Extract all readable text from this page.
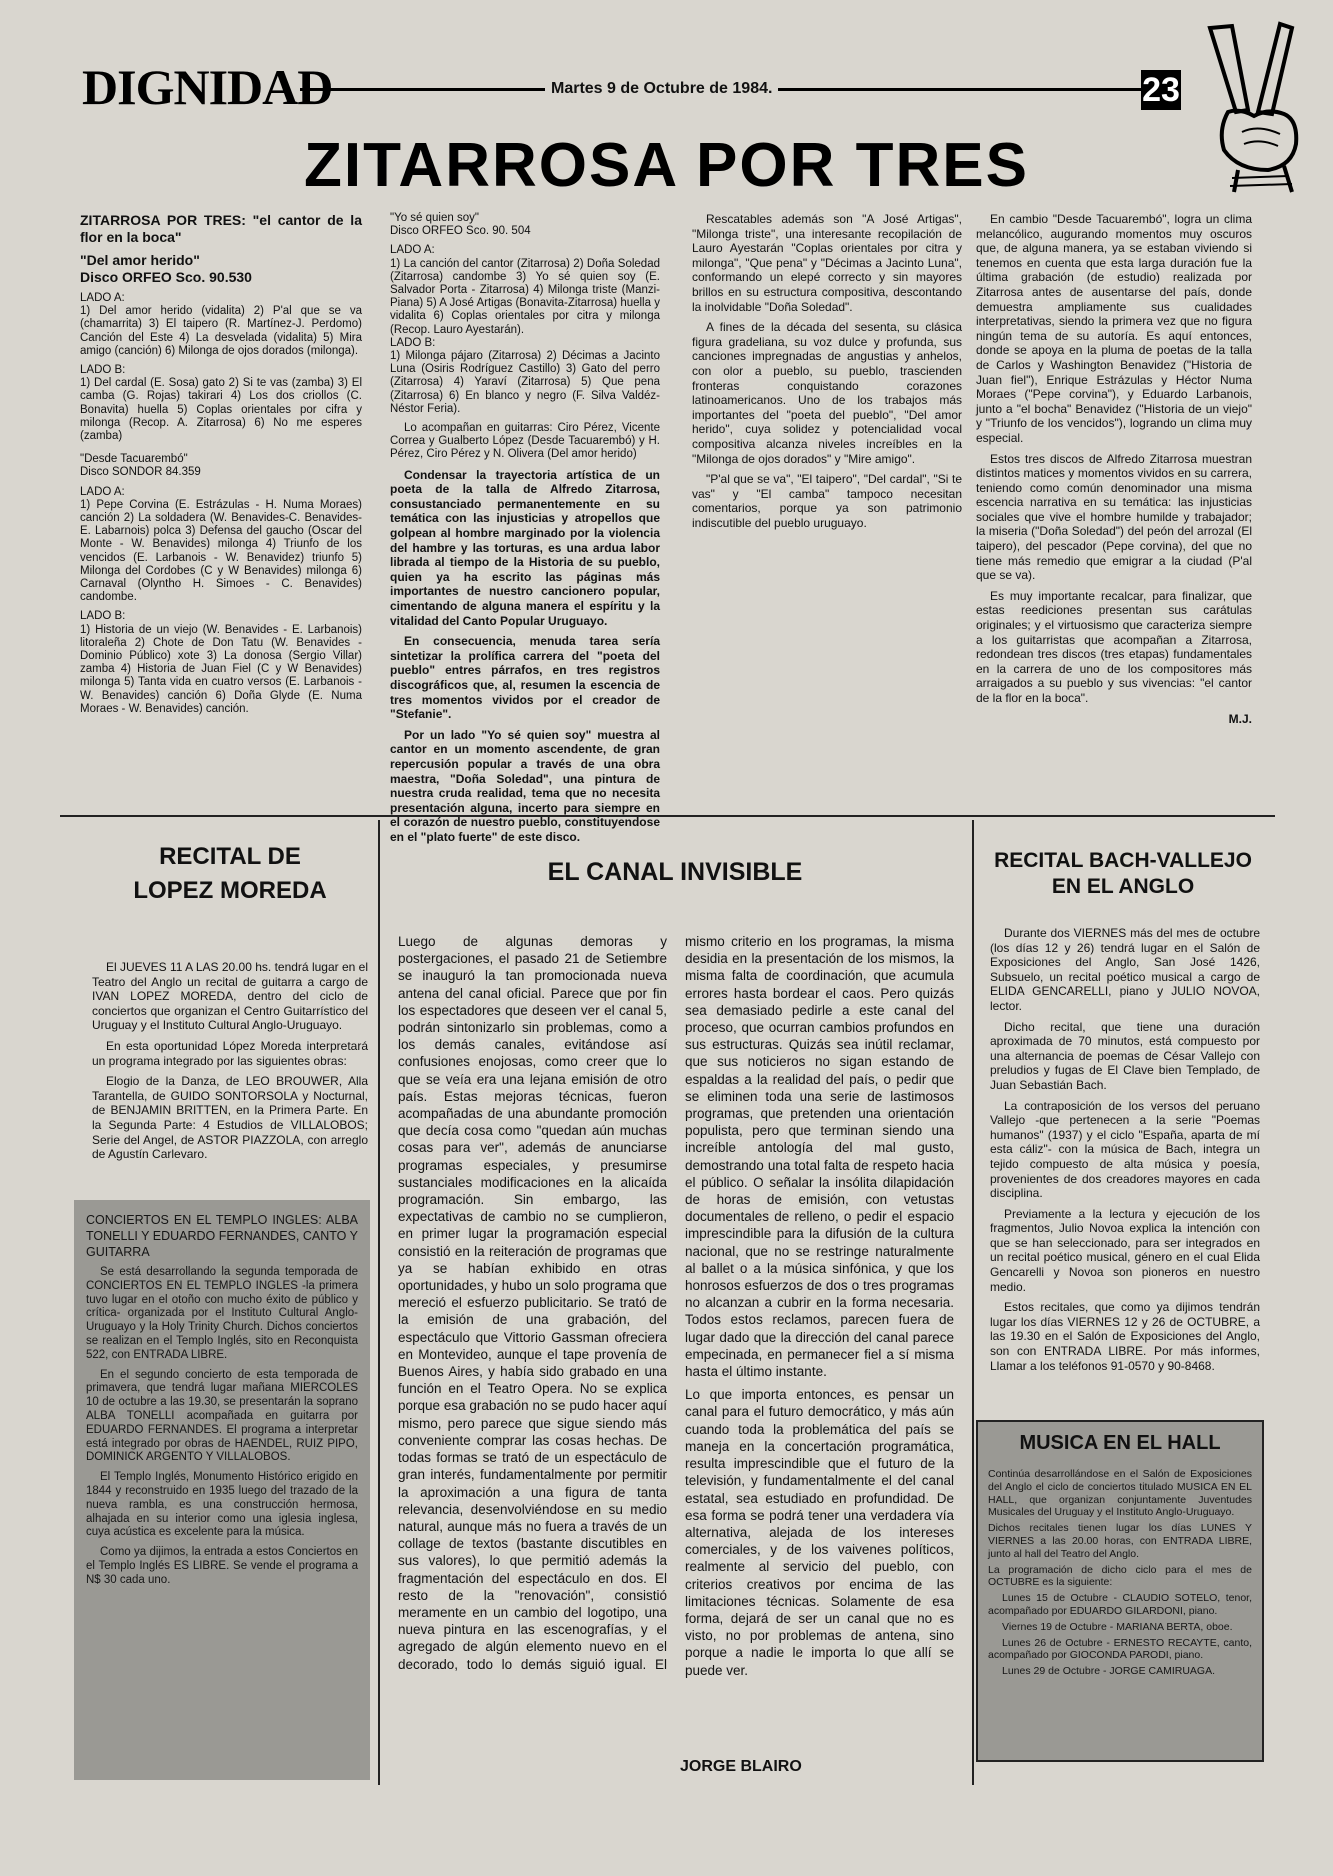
DIGNIDAD	Martes 9 de Octubre de 1984.	23
ZITARROSA POR TRES

ZITARROSA POR TRES: "el cantor de la flor en la boca"

"Del amor herido"

Disco ORFEO Sco. 90.530

LADO A:

1) Del amor herido (vidalita) 2) P'al que se va (chamarrita) 3) El taipero (R. Martínez-J. Perdomo) Canción del Este 4) La desvelada (vidalita) 5) Mira amigo (canción) 6) Milonga de ojos dorados (milonga).

LADO B:

1) Del cardal (E. Sosa) gato 2) Si te vas (zamba) 3) El camba (G. Rojas) takirari 4) Los dos criollos (C. Bonavita) huella 5) Coplas orientales por cifra y milonga (Recop. A. Zitarrosa) 6) No me esperes (zamba)

"Desde Tacuarembó"

Disco SONDOR 84.359

LADO A:

1) Pepe Corvina (E. Estrázulas - H. Numa Moraes) canción 2) La soldadera (W. Benavides-C. Benavides-E. Labarnois) polca 3) Defensa del gaucho (Oscar del Monte - W. Benavides) milonga 4) Triunfo de los vencidos (E. Larbanois - W. Benavidez) triunfo 5) Milonga del Cordobes (C y W Benavides) milonga 6) Carnaval (Olyntho H. Simoes - C. Benavides) candombe.

LADO B:

1) Historia de un viejo (W. Benavides - E. Larbanois) litoraleña 2) Chote de Don Tatu (W. Benavides - Dominio Público) xote 3) La donosa (Sergio Villar) zamba 4) Historia de Juan Fiel (C y W Benavides) milonga 5) Tanta vida en cuatro versos (E. Larbanois - W. Benavides) canción 6) Doña Glyde (E. Numa Moraes - W. Benavides) canción.

"Yo sé quien soy"

Disco ORFEO Sco. 90. 504

LADO A:

1) La canción del cantor (Zitarrosa) 2) Doña Soledad (Zitarrosa) candombe 3) Yo sé quien soy (E. Salvador Porta - Zitarrosa) 4) Milonga triste (Manzi-Piana) 5) A José Artigas (Bonavita-Zitarrosa) huella y vidalita 6) Coplas orientales por citra y milonga (Recop. Lauro Ayestarán).

LADO B:

1) Milonga pájaro (Zitarrosa) 2) Décimas a Jacinto Luna (Osiris Rodríguez Castillo) 3) Gato del perro (Zitarrosa) 4) Yaraví (Zitarrosa) 5) Que pena (Zitarrosa) 6) En blanco y negro (F. Silva Valdéz-Néstor Feria).

Lo acompañan en guitarras: Ciro Pérez, Vicente Correa y Gualberto López (Desde Tacuarembó) y H. Pérez, Ciro Pérez y N. Olivera (Del amor herido)

Condensar la trayectoria artística de un poeta de la talla de Alfredo Zitarrosa, consustanciado permanentemente en su temática con las injusticias y atropellos que golpean al hombre marginado por la violencia del hambre y las torturas, es una ardua labor librada al tiempo de la Historia de su pueblo, quien ya ha escrito las páginas más importantes de nuestro cancionero popular, cimentando de alguna manera el espíritu y la vitalidad del Canto Popular Uruguayo.

En consecuencia, menuda tarea sería sintetizar la prolífica carrera del "poeta del pueblo" entres párrafos, en tres registros discográficos que, al, resumen la escencia de tres momentos vividos por el creador de "Stefanie".

Por un lado "Yo sé quien soy" muestra al cantor en un momento ascendente, de gran repercusión popular a través de una obra maestra, "Doña Soledad", una pintura de nuestra cruda realidad, tema que no necesita presentación alguna, incerto para siempre en el corazón de nuestro pueblo, constituyendose en el "plato fuerte" de este disco.

Rescatables además son "A José Artigas", "Milonga triste", una interesante recopilación de Lauro Ayestarán "Coplas orientales por citra y milonga", "Que pena" y "Décimas a Jacinto Luna", conformando un elepé correcto y sin mayores brillos en su estructura compositiva, descontando la inolvidable "Doña Soledad".

A fines de la década del sesenta, su clásica figura gradeliana, su voz dulce y profunda, sus canciones impregnadas de angustias y anhelos, con olor a pueblo, su pueblo, trascienden fronteras conquistando corazones latinoamericanos. Uno de los trabajos más importantes del "poeta del pueblo", "Del amor herido", cuya solidez y potencialidad vocal compositiva alcanza niveles increíbles en la "Milonga de ojos dorados" y "Mire amigo".

"P'al que se va", "El taipero", "Del cardal", "Si te vas" y "El camba" tampoco necesitan comentarios, porque ya son patrimonio indiscutible del pueblo uruguayo.

En cambio "Desde Tacuarembó", logra un clima melancólico, augurando momentos muy oscuros que, de alguna manera, ya se estaban viviendo si tenemos en cuenta que esta larga duración fue la última grabación (de estudio) realizada por Zitarrosa antes de ausentarse del país, donde demuestra ampliamente sus cualidades interpretativas, siendo la primera vez que no figura ningún tema de su autoría. Es aquí entonces, donde se apoya en la pluma de poetas de la talla de Carlos y Washington Benavidez ("Historia de Juan fiel"), Enrique Estrázulas y Héctor Numa Moraes ("Pepe corvina"), y Eduardo Larbanois, junto a "el bocha" Benavidez ("Historia de un viejo" y "Triunfo de los vencidos"), logrando un clima muy especial.

Estos tres discos de Alfredo Zitarrosa muestran distintos matices y momentos vividos en su carrera, teniendo como común denominador una misma escencia narrativa en su temática: las injusticias sociales que vive el hombre humilde y trabajador; la miseria ("Doña Soledad") del peón del arrozal (El taipero), del pescador (Pepe corvina), del que no tiene más remedio que emigrar a la ciudad (P'al que se va).

Es muy importante recalcar, para finalizar, que estas reediciones presentan sus carátulas originales; y el virtuosismo que caracteriza siempre a los guitarristas que acompañan a Zitarrosa, redondean tres discos (tres etapas) fundamentales en la carrera de uno de los compositores más arraigados a su pueblo y sus vivencias: "el cantor de la flor en la boca".

M.J.

RECITAL DE
LOPEZ MOREDA

El JUEVES 11 A LAS 20.00 hs. tendrá lugar en el Teatro del Anglo un recital de guitarra a cargo de IVAN LOPEZ MOREDA, dentro del ciclo de conciertos que organizan el Centro Guitarrístico del Uruguay y el Instituto Cultural Anglo-Uruguayo.

En esta oportunidad López Moreda interpretará un programa integrado por las siguientes obras:

Elogio de la Danza, de LEO BROUWER, Alla Tarantella, de GUIDO SONTORSOLA y Nocturnal, de BENJAMIN BRITTEN, en la Primera Parte. En la Segunda Parte: 4 Estudios de VILLALOBOS; Serie del Angel, de ASTOR PIAZZOLA, con arreglo de Agustín Carlevaro.

CONCIERTOS EN EL TEMPLO INGLES: ALBA TONELLI Y EDUARDO FERNANDES, CANTO Y GUITARRA

Se está desarrollando la segunda temporada de CONCIERTOS EN EL TEMPLO INGLES -la primera tuvo lugar en el otoño con mucho éxito de público y crítica- organizada por el Instituto Cultural Anglo-Uruguayo y la Holy Trinity Church. Dichos conciertos se realizan en el Templo Inglés, sito en Reconquista 522, con ENTRADA LIBRE.

En el segundo concierto de esta temporada de primavera, que tendrá lugar mañana MIERCOLES 10 de octubre a las 19.30, se presentarán la soprano ALBA TONELLI acompañada en guitarra por EDUARDO FERNANDES. El programa a interpretar está integrado por obras de HAENDEL, RUIZ PIPO, DOMINICK ARGENTO Y VILLALOBOS.

El Templo Inglés, Monumento Histórico erigido en 1844 y reconstruido en 1935 luego del trazado de la nueva rambla, es una construcción hermosa, alhajada en su interior como una iglesia inglesa, cuya acústica es excelente para la música.

Como ya dijimos, la entrada a estos Conciertos en el Templo Inglés ES LIBRE. Se vende el programa a N$ 30 cada uno.

EL CANAL INVISIBLE

Luego de algunas demoras y postergaciones, el pasado 21 de Setiembre se inauguró la tan promocionada nueva antena del canal oficial. Parece que por fin los espectadores que deseen ver el canal 5, podrán sintonizarlo sin problemas, como a los demás canales, evitándose así confusiones enojosas, como creer que lo que se veía era una lejana emisión de otro país. Estas mejoras técnicas, fueron acompañadas de una abundante promoción que decía cosa como "quedan aún muchas cosas para ver", además de anunciarse programas especiales, y presumirse sustanciales modificaciones en la alicaída programación. Sin embargo, las expectativas de cambio no se cumplieron, en primer lugar la programación especial consistió en la reiteración de programas que ya se habían exhibido en otras oportunidades, y hubo un solo programa que mereció el esfuerzo publicitario. Se trató de la emisión de una grabación, del espectáculo que Vittorio Gassman ofreciera en Montevideo, aunque el tape provenía de Buenos Aires, y había sido grabado en una función en el Teatro Opera. No se explica porque esa grabación no se pudo hacer aquí mismo, pero parece que sigue siendo más conveniente comprar las cosas hechas. De todas formas se trató de un espectáculo de gran interés, fundamentalmente por permitir la aproximación a una figura de tanta relevancia, desenvolviéndose en su medio natural, aunque más no fuera a través de un collage de textos (bastante discutibles en sus valores), lo que permitió además la fragmentación del espectáculo en dos. El resto de la "renovación", consistió meramente en un cambio del logotipo, una nueva pintura en las escenografías, y el agregado de algún elemento nuevo en el decorado, todo lo demás siguió igual. El mismo criterio en los programas, la misma desidia en la presentación de los mismos, la misma falta de coordinación, que acumula errores hasta bordear el caos. Pero quizás sea demasiado pedirle a este canal del proceso, que ocurran cambios profundos en sus estructuras. Quizás sea inútil reclamar, que sus noticieros no sigan estando de espaldas a la realidad del país, o pedir que se eliminen toda una serie de lastimosos programas, que pretenden una orientación populista, pero que terminan siendo una increíble antología del mal gusto, demostrando una total falta de respeto hacia el público. O señalar la insólita dilapidación de horas de emisión, con vetustas documentales de relleno, o pedir el espacio imprescindible para la difusión de la cultura nacional, que no se restringe naturalmente al ballet o a la música sinfónica, y que los honrosos esfuerzos de dos o tres programas no alcanzan a cubrir en la forma necesaria. Todos estos reclamos, parecen fuera de lugar dado que la dirección del canal parece empecinada, en permanecer fiel a sí misma hasta el último instante.

Lo que importa entonces, es pensar un canal para el futuro democrático, y más aún cuando toda la problemática del país se maneja en la concertación programática, resulta imprescindible que el futuro de la televisión, y fundamentalmente el del canal estatal, sea estudiado en profundidad. De esa forma se podrá tener una verdadera vía alternativa, alejada de los intereses comerciales, y de los vaivenes políticos, realmente al servicio del pueblo, con criterios creativos por encima de las limitaciones técnicas. Solamente de esa forma, dejará de ser un canal que no es visto, no por problemas de antena, sino porque a nadie le importa lo que allí se puede ver.

JORGE BLAIRO
RECITAL BACH-VALLEJO
EN EL ANGLO

Durante dos VIERNES más del mes de octubre (los días 12 y 26) tendrá lugar en el Salón de Exposiciones del Anglo, San José 1426, Subsuelo, un recital poético musical a cargo de ELIDA GENCARELLI, piano y JULIO NOVOA, lector.

Dicho recital, que tiene una duración aproximada de 70 minutos, está compuesto por una alternancia de poemas de César Vallejo con preludios y fugas de El Clave bien Templado, de Juan Sebastián Bach.

La contraposición de los versos del peruano Vallejo -que pertenecen a la serie "Poemas humanos" (1937) y el ciclo "España, aparta de mí esta cáliz"- con la música de Bach, integra un tejido compuesto de alta música y poesía, provenientes de dos creadores mayores en cada disciplina.

Previamente a la lectura y ejecución de los fragmentos, Julio Novoa explica la intención con que se han seleccionado, para ser integrados en un recital poético musical, género en el cual Elida Gencarelli y Novoa son pioneros en nuestro medio.

Estos recitales, que como ya dijimos tendrán lugar los días VIERNES 12 y 26 de OCTUBRE, a las 19.30 en el Salón de Exposiciones del Anglo, son con ENTRADA LIBRE. Por más informes, Llamar a los teléfonos 91-0570 y 90-8468.

MUSICA EN EL HALL

Continúa desarrollándose en el Salón de Exposiciones del Anglo el ciclo de conciertos titulado MUSICA EN EL HALL, que organizan conjuntamente Juventudes Musicales del Uruguay y el Instituto Anglo-Uruguayo.

Dichos recitales tienen lugar los días LUNES Y VIERNES a las 20.00 horas, con ENTRADA LIBRE, junto al hall del Teatro del Anglo.

La programación de dicho ciclo para el mes de OCTUBRE es la siguiente:

Lunes 15 de Octubre - CLAUDIO SOTELO, tenor, acompañado por EDUARDO GILARDONI, piano.

Viernes 19 de Octubre - MARIANA BERTA, oboe.

Lunes 26 de Octubre - ERNESTO RECAYTE, canto, acompañado por GIOCONDA PARODI, piano.

Lunes 29 de Octubre - JORGE CAMIRUAGA.
